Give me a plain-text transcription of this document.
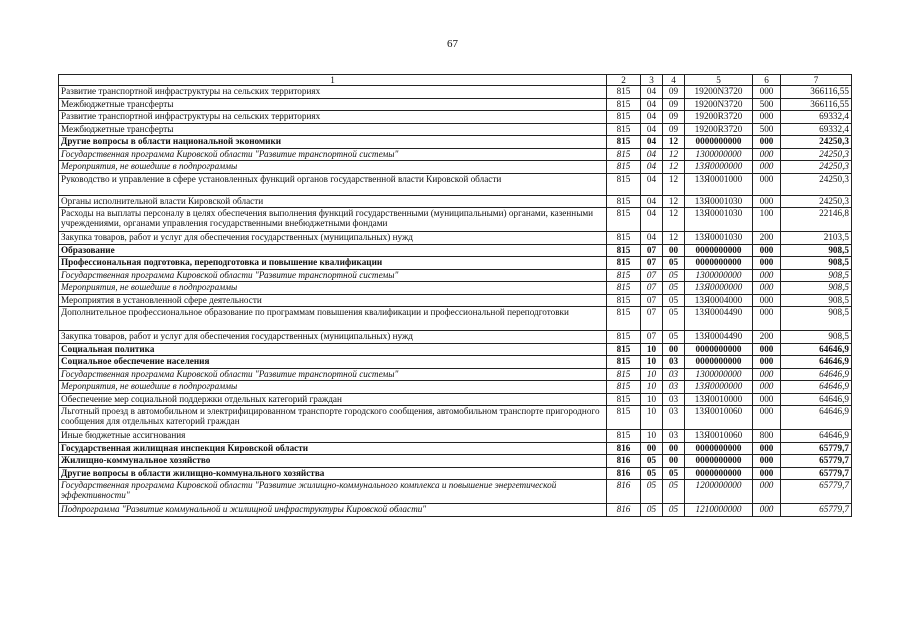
67
1	2	3	4	5	6	7
Развитие транспортной инфраструктуры на сельских территориях	815	04	09	19200N3720	000	366116,55
Межбюджетные трансферты	815	04	09	19200N3720	500	366116,55
Развитие транспортной инфраструктуры на сельских территориях	815	04	09	19200R3720	000	69332,4
Межбюджетные трансферты	815	04	09	19200R3720	500	69332,4
Другие вопросы в области национальной экономики	815	04	12	0000000000	000	24250,3
Государственная программа Кировской области "Развитие транспортной системы"	815	04	12	1300000000	000	24250,3
Мероприятия, не вошедшие в подпрограммы	815	04	12	13Я0000000	000	24250,3
Руководство и управление в сфере установленных функций органов государственной власти Кировской области	815	04	12	13Я0001000	000	24250,3
Органы исполнительной власти Кировской области	815	04	12	13Я0001030	000	24250,3
Расходы на выплаты персоналу в целях обеспечения выполнения функций государственными (муниципальными) органами, казенными учреждениями, органами управления государственными внебюджетными фондами	815	04	12	13Я0001030	100	22146,8
Закупка товаров, работ и услуг для обеспечения государственных (муниципальных) нужд	815	04	12	13Я0001030	200	2103,5
Образование	815	07	00	0000000000	000	908,5
Профессиональная подготовка, переподготовка и повышение квалификации	815	07	05	0000000000	000	908,5
Государственная программа Кировской области "Развитие транспортной системы"	815	07	05	1300000000	000	908,5
Мероприятия, не вошедшие в подпрограммы	815	07	05	13Я0000000	000	908,5
Мероприятия в установленной сфере деятельности	815	07	05	13Я0004000	000	908,5
Дополнительное профессиональное образование по программам повышения квалификации и профессиональной переподготовки	815	07	05	13Я0004490	000	908,5
Закупка товаров, работ и услуг для обеспечения государственных (муниципальных) нужд	815	07	05	13Я0004490	200	908,5
Социальная политика	815	10	00	0000000000	000	64646,9
Социальное обеспечение населения	815	10	03	0000000000	000	64646,9
Государственная программа Кировской области "Развитие транспортной системы"	815	10	03	1300000000	000	64646,9
Мероприятия, не вошедшие в подпрограммы	815	10	03	13Я0000000	000	64646,9
Обеспечение мер социальной поддержки отдельных категорий граждан	815	10	03	13Я0010000	000	64646,9
Льготный проезд в автомобильном и электрифицированном транспорте городского сообщения, автомобильном транспорте пригородного сообщения для отдельных категорий граждан	815	10	03	13Я0010060	000	64646,9
Иные бюджетные ассигнования	815	10	03	13Я0010060	800	64646,9
Государственная жилищная инспекция Кировской области	816	00	00	0000000000	000	65779,7
Жилищно-коммунальное хозяйство	816	05	00	0000000000	000	65779,7
Другие вопросы в области жилищно-коммунального хозяйства	816	05	05	0000000000	000	65779,7
Государственная программа Кировской области "Развитие жилищно-коммунального комплекса и повышение энергетической эффективности"	816	05	05	1200000000	000	65779,7
Подпрограмма "Развитие коммунальной и жилищной инфраструктуры Кировской области"	816	05	05	1210000000	000	65779,7
